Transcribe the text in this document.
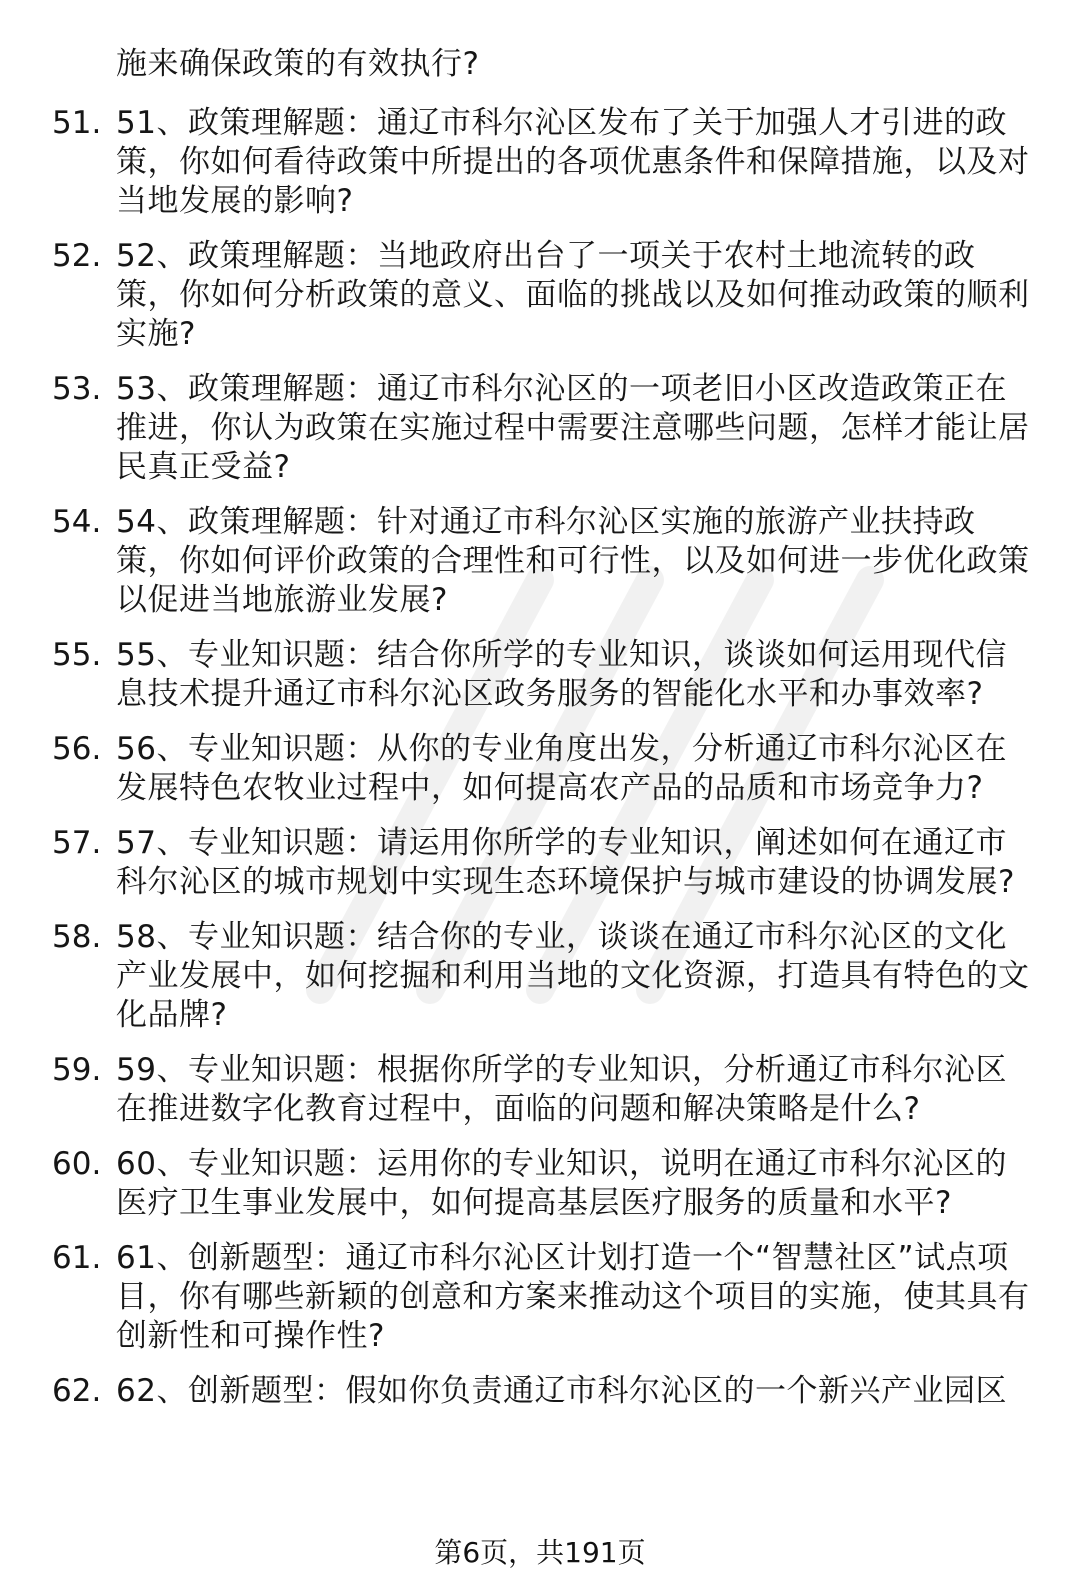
施来确保政策的有效执行?
51. 51、政策理解题：通辽市科尔沁区发布了关于加强人才引进的政策，你如何看待政策中所提出的各项优惠条件和保障措施，以及对当地发展的影响?
52. 52、政策理解题：当地政府出台了一项关于农村土地流转的政策，你如何分析政策的意义、面临的挑战以及如何推动政策的顺利实施?
53. 53、政策理解题：通辽市科尔沁区的一项老旧小区改造政策正在推进，你认为政策在实施过程中需要注意哪些问题，怎样才能让居民真正受益?
54. 54、政策理解题：针对通辽市科尔沁区实施的旅游产业扶持政策，你如何评价政策的合理性和可行性，以及如何进一步优化政策以促进当地旅游业发展?
55. 55、专业知识题：结合你所学的专业知识，谈谈如何运用现代信息技术提升通辽市科尔沁区政务服务的智能化水平和办事效率?
56. 56、专业知识题：从你的专业角度出发，分析通辽市科尔沁区在发展特色农牧业过程中，如何提高农产品的品质和市场竞争力?
57. 57、专业知识题：请运用你所学的专业知识，阐述如何在通辽市科尔沁区的城市规划中实现生态环境保护与城市建设的协调发展?
58. 58、专业知识题：结合你的专业，谈谈在通辽市科尔沁区的文化产业发展中，如何挖掘和利用当地的文化资源，打造具有特色的文化品牌?
59. 59、专业知识题：根据你所学的专业知识，分析通辽市科尔沁区在推进数字化教育过程中，面临的问题和解决策略是什么?
60. 60、专业知识题：运用你的专业知识，说明在通辽市科尔沁区的医疗卫生事业发展中，如何提高基层医疗服务的质量和水平?
61. 61、创新题型：通辽市科尔沁区计划打造一个“智慧社区”试点项目，你有哪些新颖的创意和方案来推动这个项目的实施，使其具有创新性和可操作性?
62. 62、创新题型：假如你负责通辽市科尔沁区的一个新兴产业园区
第6页，共191页
